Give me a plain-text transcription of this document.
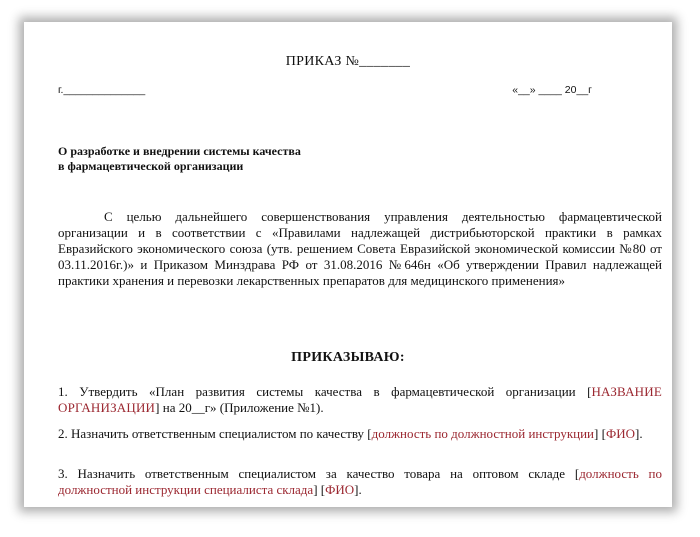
ПРИКАЗ №_______
г.______________	«__» ____ 20__г
О разработке и внедрении системы качества
в фармацевтической организации
С целью дальнейшего совершенствования управления деятельностью фармацевтической организации и в соответствии с «Правилами надлежащей дистрибьюторской практики в рамках Евразийского экономического союза (утв. решением Совета Евразийской экономической комиссии №80 от 03.11.2016г.)» и Приказом Минздрава РФ от 31.08.2016 №646н «Об утверждении Правил надлежащей практики хранения и перевозки лекарственных препаратов для медицинского применения»
ПРИКАЗЫВАЮ:
1. Утвердить «План развития системы качества в фармацевтической организации [НАЗВАНИЕ ОРГАНИЗАЦИИ] на 20__г» (Приложение №1).
2. Назначить ответственным специалистом по качеству [должность по должностной инструкции] [ФИО].
3. Назначить ответственным специалистом за качество товара на оптовом складе [должность по должностной инструкции специалиста склада] [ФИО].
